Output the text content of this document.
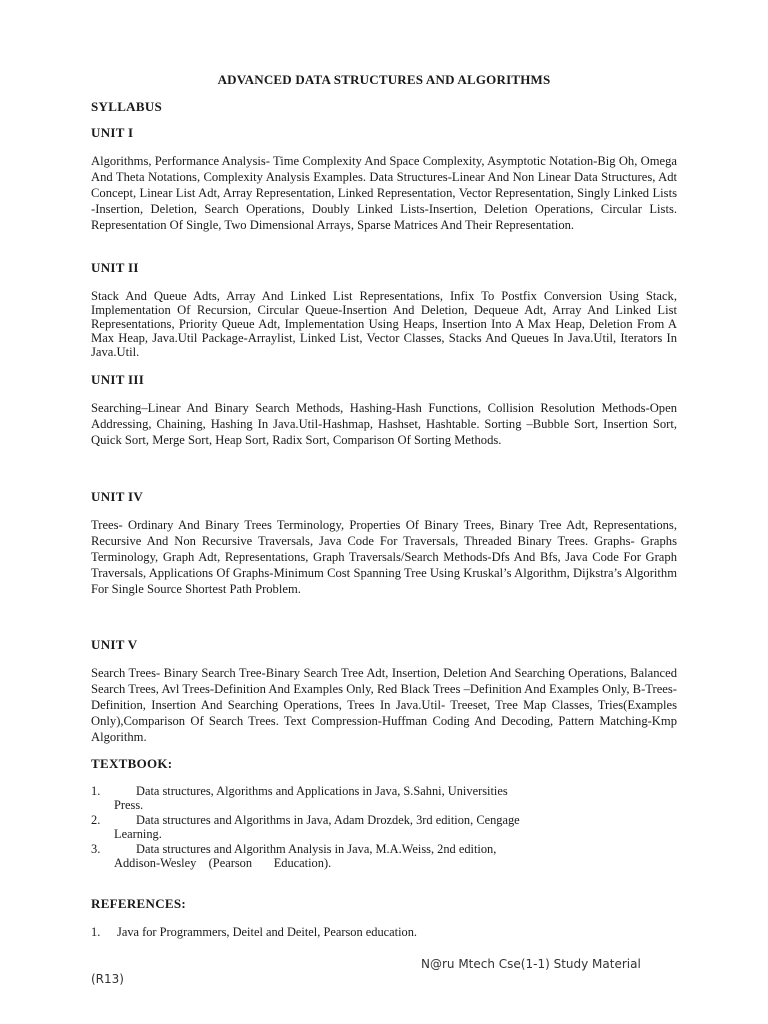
ADVANCED DATA STRUCTURES AND ALGORITHMS
SYLLABUS
UNIT I
Algorithms, Performance Analysis- Time Complexity And Space Complexity, Asymptotic Notation-Big Oh, Omega And Theta Notations, Complexity Analysis Examples. Data Structures-Linear And Non Linear Data Structures, Adt Concept, Linear List Adt, Array Representation, Linked Representation, Vector Representation, Singly Linked Lists -Insertion, Deletion, Search Operations, Doubly Linked Lists-Insertion, Deletion Operations, Circular Lists. Representation Of Single, Two Dimensional Arrays, Sparse Matrices And Their Representation.
UNIT II
Stack And Queue Adts, Array And Linked List Representations, Infix To Postfix Conversion Using Stack, Implementation Of Recursion, Circular Queue-Insertion And Deletion, Dequeue Adt, Array And Linked List Representations, Priority Queue Adt, Implementation Using Heaps, Insertion Into A Max Heap, Deletion From A Max Heap, Java.Util Package-Arraylist, Linked List, Vector Classes, Stacks And Queues In Java.Util, Iterators In Java.Util.
UNIT III
Searching–Linear And Binary Search Methods, Hashing-Hash Functions, Collision Resolution Methods-Open Addressing, Chaining, Hashing In Java.Util-Hashmap, Hashset, Hashtable. Sorting –Bubble Sort, Insertion Sort, Quick Sort, Merge Sort, Heap Sort, Radix Sort, Comparison Of Sorting Methods.
UNIT IV
Trees- Ordinary And Binary Trees Terminology, Properties Of Binary Trees, Binary Tree Adt, Representations, Recursive And Non Recursive Traversals, Java Code For Traversals, Threaded Binary Trees. Graphs- Graphs Terminology, Graph Adt, Representations, Graph Traversals/Search Methods-Dfs And Bfs, Java Code For Graph Traversals, Applications Of Graphs-Minimum Cost Spanning Tree Using Kruskal’s Algorithm, Dijkstra’s Algorithm For Single Source Shortest Path Problem.
UNIT V
Search Trees- Binary Search Tree-Binary Search Tree Adt, Insertion, Deletion And Searching Operations, Balanced Search Trees, Avl Trees-Definition And Examples Only, Red Black Trees –Definition And Examples Only, B-Trees-Definition, Insertion And Searching Operations, Trees In Java.Util- Treeset, Tree Map Classes, Tries(Examples Only),Comparison Of Search Trees. Text Compression-Huffman Coding And Decoding, Pattern Matching-Kmp Algorithm.
TEXTBOOK:
1.	Data structures, Algorithms and Applications in Java, S.Sahni, Universities
Press.
2.	Data structures and Algorithms in Java, Adam Drozdek, 3rd edition, Cengage
Learning.
3.	Data structures and Algorithm Analysis in Java, M.A.Weiss, 2nd edition,
Addison-Wesley    (Pearson       Education).
REFERENCES:
1. Java for Programmers, Deitel and Deitel, Pearson education.
N@ru Mtech Cse(1-1) Study Material
(R13)
